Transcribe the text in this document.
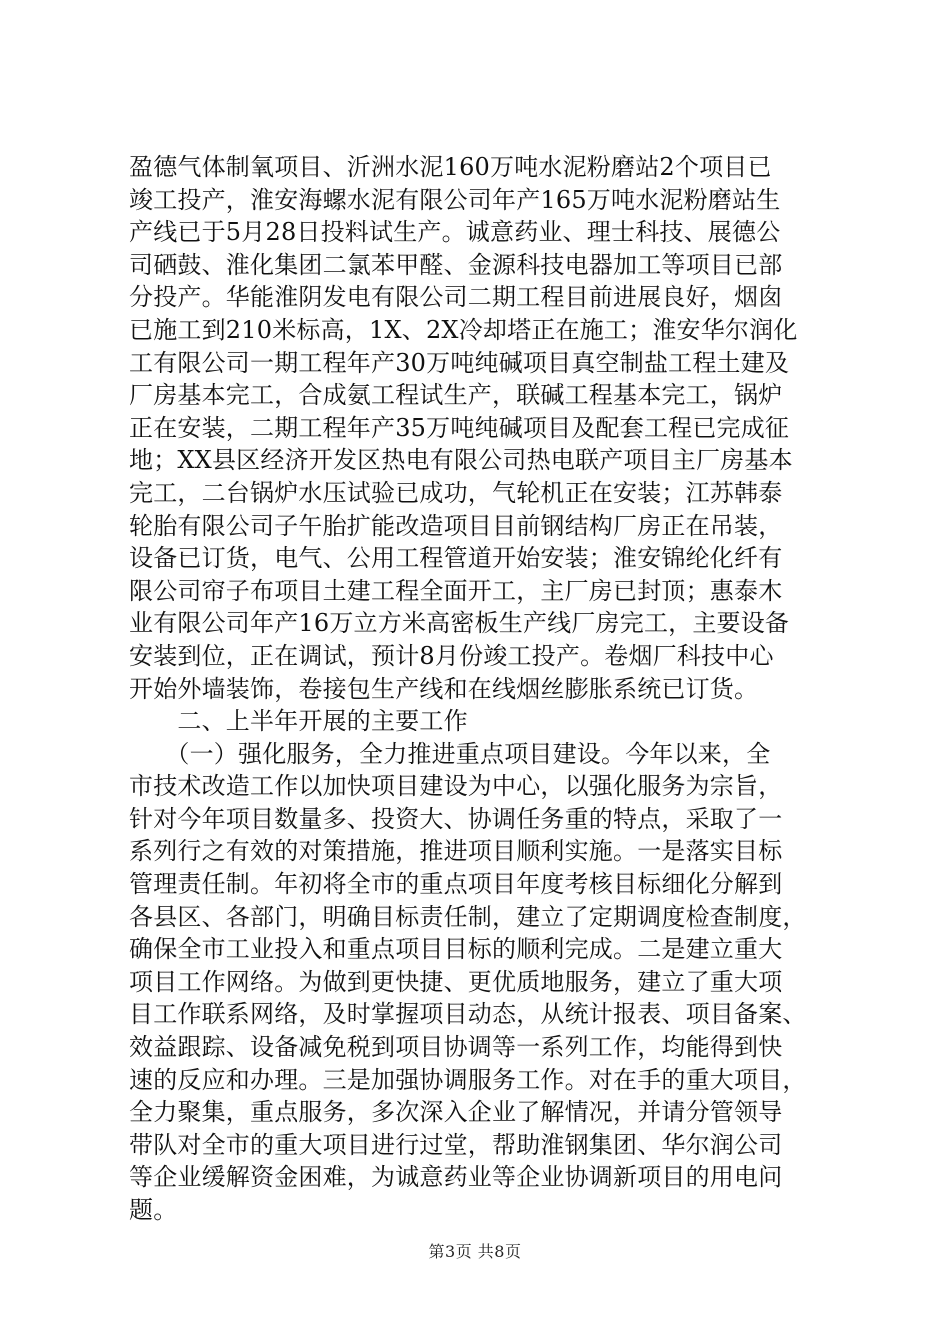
盈德气体制氧项目、沂洲水泥160万吨水泥粉磨站2个项目已
竣工投产，淮安海螺水泥有限公司年产165万吨水泥粉磨站生
产线已于5月28日投料试生产。诚意药业、理士科技、展德公
司硒鼓、淮化集团二氯苯甲醛、金源科技电器加工等项目已部
分投产。华能淮阴发电有限公司二期工程目前进展良好，烟囱
已施工到210米标高，1X、2X冷却塔正在施工；淮安华尔润化
工有限公司一期工程年产30万吨纯碱项目真空制盐工程土建及
厂房基本完工，合成氨工程试生产，联碱工程基本完工，锅炉
正在安装，二期工程年产35万吨纯碱项目及配套工程已完成征
地；XX县区经济开发区热电有限公司热电联产项目主厂房基本
完工，二台锅炉水压试验已成功，气轮机正在安装；江苏韩泰
轮胎有限公司子午胎扩能改造项目目前钢结构厂房正在吊装，
设备已订货，电气、公用工程管道开始安装；淮安锦纶化纤有
限公司帘子布项目土建工程全面开工，主厂房已封顶；惠泰木
业有限公司年产16万立方米高密板生产线厂房完工，主要设备
安装到位，正在调试，预计8月份竣工投产。卷烟厂科技中心
开始外墙装饰，卷接包生产线和在线烟丝膨胀系统已订货。
　　二、上半年开展的主要工作
　　（一）强化服务，全力推进重点项目建设。今年以来，全
市技术改造工作以加快项目建设为中心，以强化服务为宗旨，
针对今年项目数量多、投资大、协调任务重的特点，采取了一
系列行之有效的对策措施，推进项目顺利实施。一是落实目标
管理责任制。年初将全市的重点项目年度考核目标细化分解到
各县区、各部门，明确目标责任制，建立了定期调度检查制度，
确保全市工业投入和重点项目目标的顺利完成。二是建立重大
项目工作网络。为做到更快捷、更优质地服务，建立了重大项
目工作联系网络，及时掌握项目动态，从统计报表、项目备案、
效益跟踪、设备减免税到项目协调等一系列工作，均能得到快
速的反应和办理。三是加强协调服务工作。对在手的重大项目，
全力聚集，重点服务，多次深入企业了解情况，并请分管领导
带队对全市的重大项目进行过堂，帮助淮钢集团、华尔润公司
等企业缓解资金困难，为诚意药业等企业协调新项目的用电问
题。
第3页 共8页
